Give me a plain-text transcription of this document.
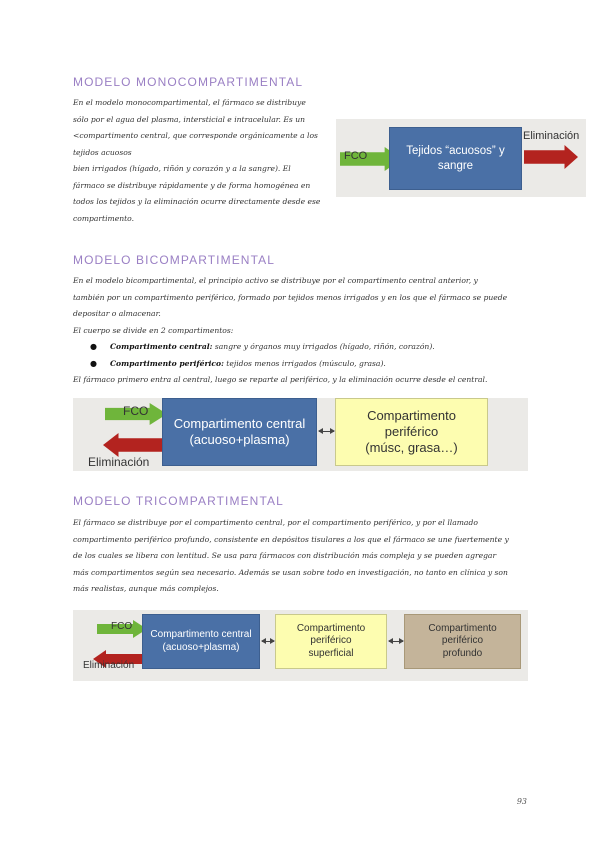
MODELO MONOCOMPARTIMENTAL

En el modelo monocompartimental, el fármaco se distribuye

sólo por el agua del plasma, intersticial e intracelular. Es un

<compartimento central, que corresponde orgánicamente a los

tejidos acuosos

bien irrigados (hígado, riñón y corazón y a la sangre). El

fármaco se distribuye rápidamente y de forma homogénea en

todos los tejidos y la eliminación ocurre directamente desde ese

compartimento.

FCO	Tejidos “acuosos” y
sangre
Eliminación
MODELO BICOMPARTIMENTAL

En el modelo bicompartimental, el principio activo se distribuye por el compartimento central anterior, y

también por un compartimento periférico, formado por tejidos menos irrigados y en los que el fármaco se puede

depositar o almacenar.

El cuerpo se divide en 2 compartimentos:

● Compartimento central: sangre y órganos muy irrigados (hígado, riñón, corazón).
● Compartimento periférico: tejidos menos irrigados (músculo, grasa).

El fármaco primero entra al central, luego se reparte al periférico, y la eliminación ocurre desde el central.

FCO
Eliminación
Compartimento central
(acuoso+plasma)
Compartimento
periférico
(músc, grasa…)
MODELO TRICOMPARTIMENTAL

El fármaco se distribuye por el compartimento central, por el compartimento periférico, y por el llamado

compartimento periférico profundo, consistente en depósitos tisulares a los que el fármaco se une fuertemente y

de los cuales se libera con lentitud. Se usa para fármacos con distribución más compleja y se pueden agregar

más compartimentos según sea necesario. Además se usan sobre todo en investigación, no tanto en clínica y son

más realistas, aunque más complejos.

FCO
Eliminación
Compartimento central
(acuoso+plasma)
Compartimento
periférico
superficial
Compartimento
periférico
profundo
93
